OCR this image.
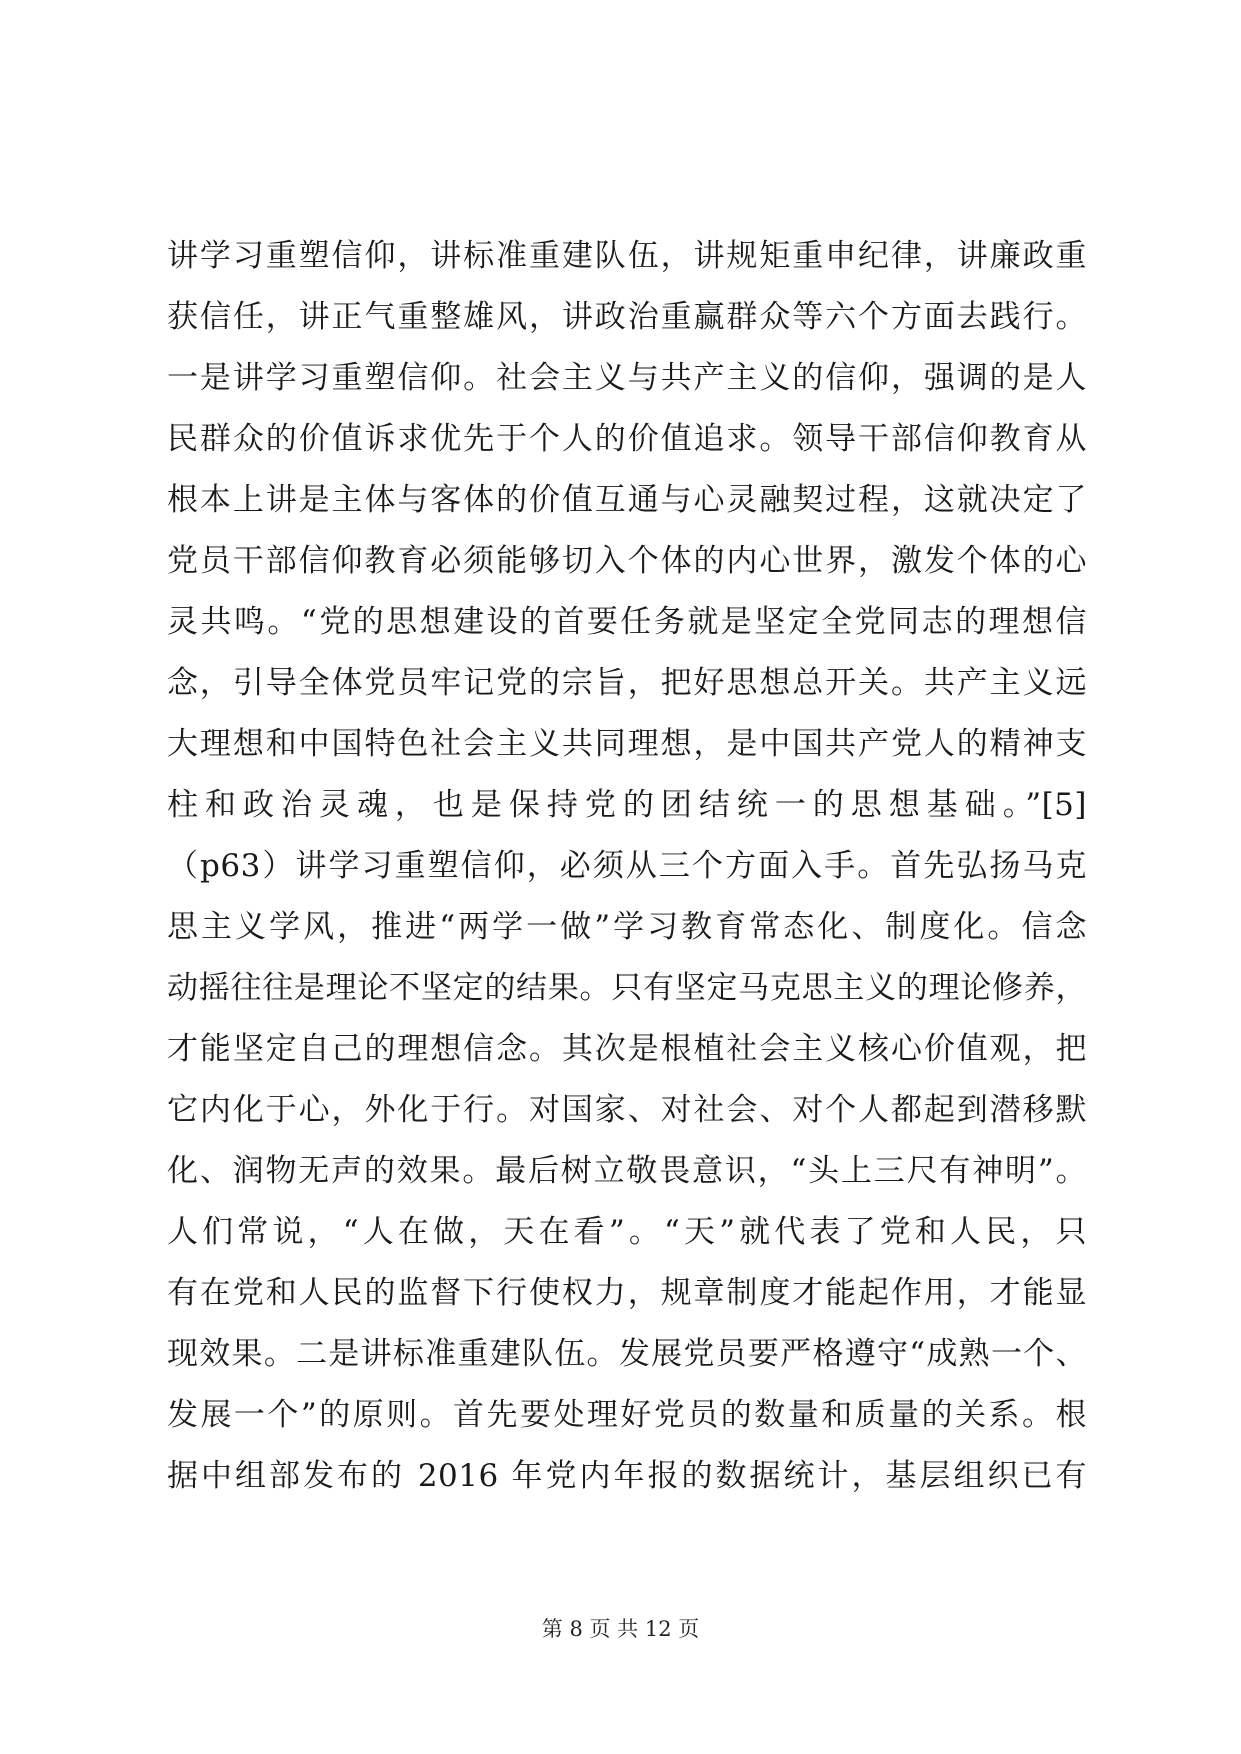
讲学习重塑信仰，讲标准重建队伍，讲规矩重申纪律，讲廉政重
获信任，讲正气重整雄风，讲政治重赢群众等六个方面去践行。
一是讲学习重塑信仰。社会主义与共产主义的信仰，强调的是人
民群众的价值诉求优先于个人的价值追求。领导干部信仰教育从
根本上讲是主体与客体的价值互通与心灵融契过程，这就决定了
党员干部信仰教育必须能够切入个体的内心世界，激发个体的心
灵共鸣。“党的思想建设的首要任务就是坚定全党同志的理想信
念，引导全体党员牢记党的宗旨，把好思想总开关。共产主义远
大理想和中国特色社会主义共同理想，是中国共产党人的精神支
柱和政治灵魂，也是保持党的团结统一的思想基础。”[5]
（p63）讲学习重塑信仰，必须从三个方面入手。首先弘扬马克
思主义学风，推进“两学一做”学习教育常态化、制度化。信念
动摇往往是理论不坚定的结果。只有坚定马克思主义的理论修养，
才能坚定自己的理想信念。其次是根植社会主义核心价值观，把
它内化于心，外化于行。对国家、对社会、对个人都起到潜移默
化、润物无声的效果。最后树立敬畏意识，“头上三尺有神明”。
人们常说，“人在做，天在看”。“天”就代表了党和人民，只
有在党和人民的监督下行使权力，规章制度才能起作用，才能显
现效果。二是讲标准重建队伍。发展党员要严格遵守“成熟一个、
发展一个”的原则。首先要处理好党员的数量和质量的关系。根
据中组部发布的 2016 年党内年报的数据统计，基层组织已有
第 8 页 共 12 页
